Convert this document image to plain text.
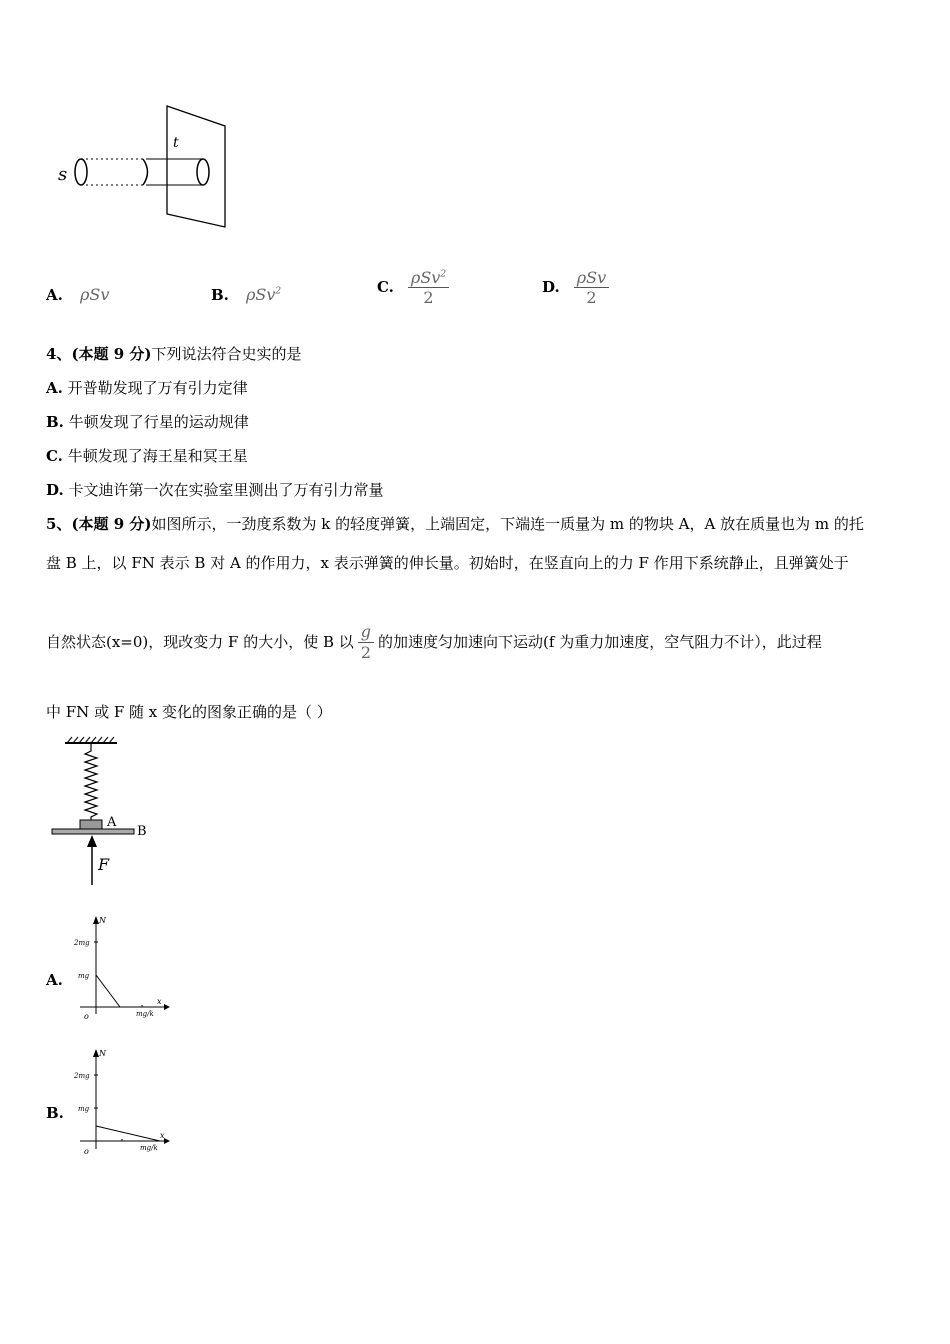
t
s
A. ρSv	B. ρSv$^2$	C. $\frac{\rho Sv^2}{2}$	D. $\frac{\text{ρSv}}{2}$
4、(本题 9 分)下列说法符合史实的是
A. 开普勒发现了万有引力定律
B. 牛顿发现了行星的运动规律
C. 牛顿发现了海王星和冥王星
D. 卡文迪许第一次在实验室里测出了万有引力常量
5、(本题 9 分)如图所示，一劲度系数为 k 的轻度弹簧，上端固定，下端连一质量为 m 的物块 A，A 放在质量也为 m 的托
盘 B 上，以 FN 表示 B 对 A 的作用力，x 表示弹簧的伸长量。初始时，在竖直向上的力 F 作用下系统静止，且弹簧处于
自然状态(x=0)，现改变力 F 的大小，使 B 以 $\frac{g}{2}$ 的加速度匀加速向下运动(f 为重力加速度，空气阻力不计），此过程
中 FN 或 F 随 x 变化的图象正确的是（ ）
A
B
F
A.
N
x
2mg
mg
o	mg/k
B.
N
x
2mg
mg
o	mg/k
